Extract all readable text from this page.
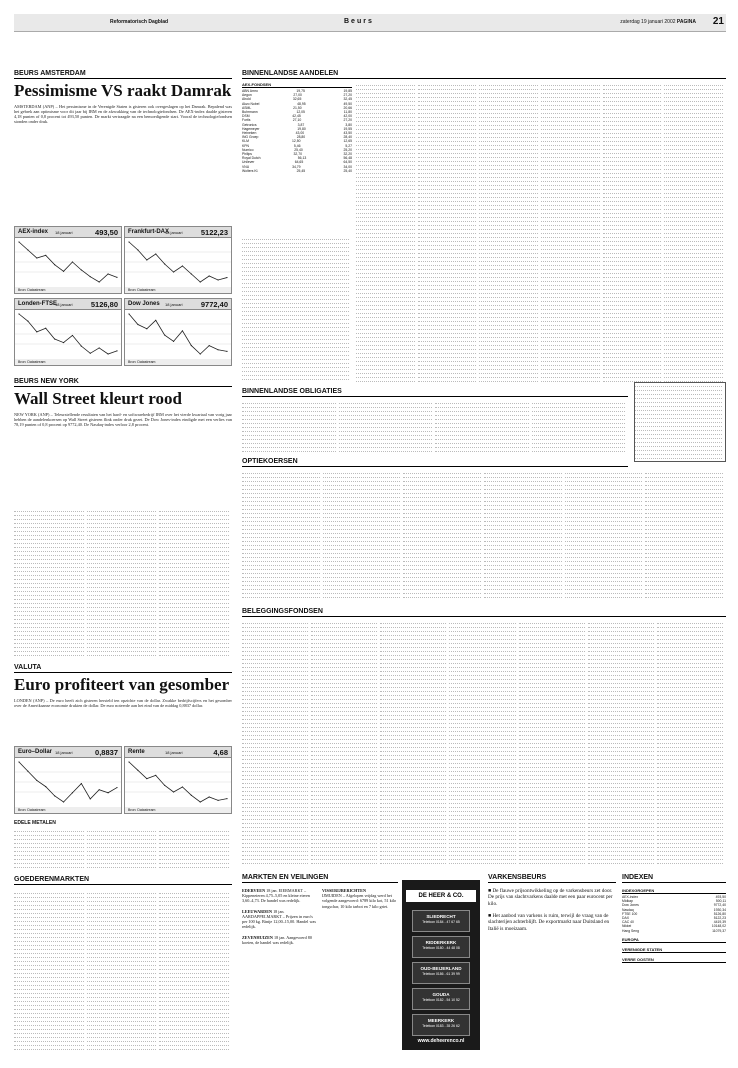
Reformatorisch Dagblad	Beurs	zaterdag 19 januari 2002 PAGINA 21
BEURS AMSTERDAM
Pessimisme VS raakt Damrak
AMSTERDAM (ANP) – Het pessimisme in de Verenigde Staten is gisteren ook overgeslagen op het Damrak. Bepalend was het gebrek aan optimisme voor dit jaar bij IBM en de afzwakking van de technologiefondsen. De AEX-index daalde gisteren 4,18 punten of 0,8 procent tot 493,50 punten. De markt vertraagde na een bemoedigende start. Vooral de technologiefondsen stonden onder druk.
AEX-index 18 januari	493,50
Bron: Datastream
Frankfurt-DAX
18 januari 5122,23
Bron: Datastream
Londen-FTSE
18 januari 5126,80
Bron: Datastream
Dow Jones 18 januari 9772,40
Bron: Datastream
BEURS NEW YORK
Wall Street kleurt rood
NEW YORK (ANP) – Teleurstellende resultaten van het hard- en softwarebedrijf IBM over het vierde kwartaal van vorig jaar hebben de aandelenkoersen op Wall Street gisteren flink onder druk gezet. De Dow Jones-index eindigde met een verlies van 78,19 punten of 0,8 procent op 9772,40. De Nasdaq-index verloor 2,8 procent.
VALUTA
Euro profiteert van gesomber
LONDEN (ANP) – De euro heeft zich gisteren hersteld ten opzichte van de dollar. Zwakke bedrijfscijfers en het gesomber over de Amerikaanse economie drukten de dollar. De euro noteerde aan het eind van de middag 0,8837 dollar.
Euro–Dollar 18 januari	0,8837
Bron: Datastream
Rente	18 januari	4,68
Bron: Datastream
EDELE METALEN
GOEDERENMARKTEN
BINNENLANDSE AANDELEN
AEX-FONDSEN
ABN Amro	19,75	19,85
Aegon	27,00	27,20
Ahold	32,65	32,45
Akzo Nobel	48,95	49,50
ASML	21,50	20,66
Buhrmann	12,05	11,80
DSM	42,45	42,00
Fortis	27,10	27,20
Getronics	3,87	3,80
Hagemeyer	19,80	19,55
Heineken	43,00	43,50
ING Groep	28,80	28,40
KLM	12,50	12,65
KPN	5,46	5,27
Numico	25,40	25,20
Philips	32,70	32,20
Royal Dutch	56,13	56,48
Unilever	64,65	64,50
VNU	34,79	34,00
Wolters Kl.	25,45	25,40
BINNENLANDSE OBLIGATIES
OPTIEKOERSEN
BELEGGINGSFONDSEN
MARKTEN EN VEILINGEN
EDERVEEN 18 jan. EIERMARKT – Kippeneieren 4,75–5,05 en kleine eieren 3,60–4,73. De handel was redelijk.

LEEUWARDEN 18 jan. AARDAPPELMARKT – Prijzen in euro's per 100 kg. Bintje 12,00–15,00. Handel was redelijk.

ZEVENHUIZEN 18 jan. Aangevoerd 80 koeien, de handel was redelijk.
VISSERIJBERICHTEN
IJMUIDEN – Afgelopen vrijdag werd het volgende aangevoerd: 6789 kilo kot, 51 kilo tongschar, 10 kilo tarbot en 7 kilo griet.
DE HEER & CO.
SLIEDRECHT
Telefoon 0184 - 47 67 65
RIDDERKERK
Telefoon 0180 - 44 48 08
OUD-BEIJERLAND
Telefoon 0186 - 61 39 99
GOUDA
Telefoon 0182 - 54 10 52
MEERKERK
Telefoon 0183 - 35 26 62
www.deheerenco.nl
VARKENSBEURS
■ De flauwe prijsontwikkeling op de varkensbeurs zet door. De prijs van slachtvarkens daalde met een paar eurocent per kilo.

■ Het aanbod van varkens is ruim, terwijl de vraag van de slachterijen achterblijft. De exportmarkt naar Duitsland en Italië is moeizaam.
INDEXEN
INDEXGROEPEN
AEX-index	493,50
Midkap	500,11
Dow Jones	9772,40
Nasdaq	1930,34
FTSE 100	5126,80
DAX	5122,23
CAC 40	4419,39
Nikkei	10148,02
Hang Seng	11079,37
EUROPA
VERENIGDE STATEN
VERRE OOSTEN
